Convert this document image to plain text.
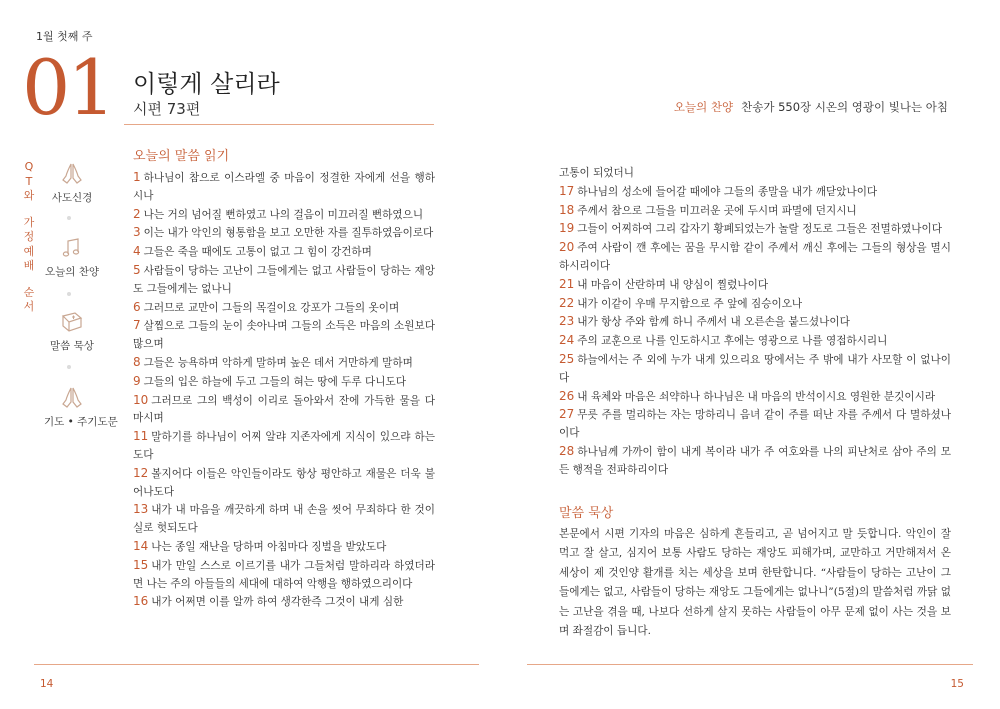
1월 첫째 주
01 이렇게 살리라
시편 73편	오늘의 찬양 찬송가 550장 시온의 영광이 빛나는 아침
Q
T
와
가
정
예
배
순
서
사도신경
오늘의 찬양
말씀 묵상
기도 • 주기도문
오늘의 말씀 읽기

1 하나님이 참으로 이스라엘 중 마음이 정결한 자에게 선을 행하시나

2 나는 거의 넘어질 뻔하였고 나의 걸음이 미끄러질 뻔하였으니

3 이는 내가 악인의 형통함을 보고 오만한 자를 질투하였음이로다

4 그들은 죽을 때에도 고통이 없고 그 힘이 강건하며

5 사람들이 당하는 고난이 그들에게는 없고 사람들이 당하는 재앙도 그들에게는 없나니

6 그러므로 교만이 그들의 목걸이요 강포가 그들의 옷이며

7 살찜으로 그들의 눈이 솟아나며 그들의 소득은 마음의 소원보다 많으며

8 그들은 능욕하며 악하게 말하며 높은 데서 거만하게 말하며

9 그들의 입은 하늘에 두고 그들의 혀는 땅에 두루 다니도다

10 그러므로 그의 백성이 이리로 돌아와서 잔에 가득한 물을 다 마시며

11 말하기를 하나님이 어찌 알랴 지존자에게 지식이 있으랴 하는도다

12 볼지어다 이들은 악인들이라도 항상 평안하고 재물은 더욱 불어나도다

13 내가 내 마음을 깨끗하게 하며 내 손을 씻어 무죄하다 한 것이 실로 헛되도다

14 나는 종일 재난을 당하며 아침마다 징벌을 받았도다

15 내가 만일 스스로 이르기를 내가 그들처럼 말하리라 하였더라면 나는 주의 아들들의 세대에 대하여 악행을 행하였으리이다

16 내가 어쩌면 이를 알까 하여 생각한즉 그것이 내게 심한

고통이 되었더니

17 하나님의 성소에 들어갈 때에야 그들의 종말을 내가 깨닫았나이다

18 주께서 참으로 그들을 미끄러운 곳에 두시며 파멸에 던지시니

19 그들이 어찌하여 그리 갑자기 황폐되었는가 놀랄 정도로 그들은 전멸하였나이다

20 주여 사람이 깬 후에는 꿈을 무시함 같이 주께서 깨신 후에는 그들의 형상을 멸시하시리이다

21 내 마음이 산란하며 내 양심이 찔렸나이다

22 내가 이같이 우매 무지함으로 주 앞에 짐승이오나

23 내가 항상 주와 함께 하니 주께서 내 오른손을 붙드셨나이다

24 주의 교훈으로 나를 인도하시고 후에는 영광으로 나를 영접하시리니

25 하늘에서는 주 외에 누가 내게 있으리요 땅에서는 주 밖에 내가 사모할 이 없나이다

26 내 육체와 마음은 쇠약하나 하나님은 내 마음의 반석이시요 영원한 분깃이시라

27 무릇 주를 멀리하는 자는 망하리니 음녀 같이 주를 떠난 자를 주께서 다 멸하셨나이다

28 하나님께 가까이 함이 내게 복이라 내가 주 여호와를 나의 피난처로 삼아 주의 모든 행적을 전파하리이다

말씀 묵상
본문에서 시편 기자의 마음은 심하게 흔들리고, 곧 넘어지고 말 듯합니다. 악인이 잘 먹고 잘 살고, 심지어 보통 사람도 당하는 재앙도 피해가며, 교만하고 거만해져서 온 세상이 제 것인양 활개를 치는 세상을 보며 한탄합니다. “사람들이 당하는 고난이 그들에게는 없고, 사람들이 당하는 재앙도 그들에게는 없나니”(5절)의 말씀처럼 까닭 없는 고난을 겪을 때, 나보다 선하게 살지 못하는 사람들이 아무 문제 없이 사는 것을 보며 좌절감이 듭니다.
14	15
